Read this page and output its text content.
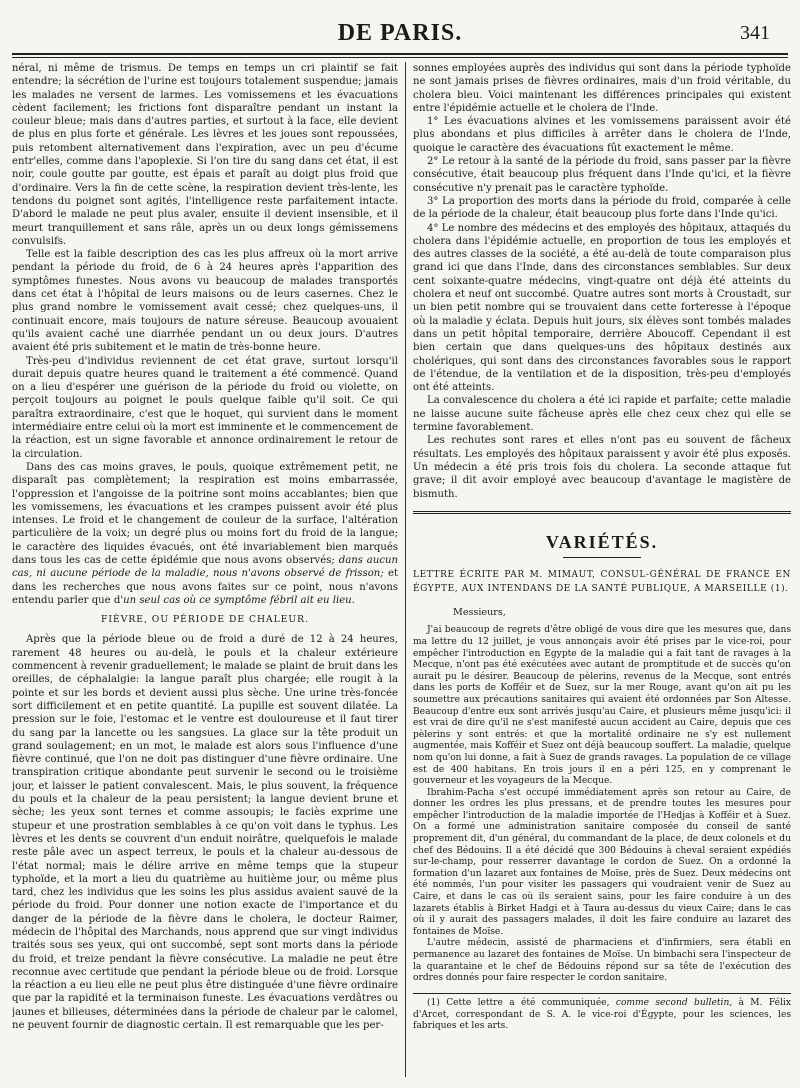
DE PARIS.	341

néral, ni même de trismus. De temps en temps un cri plaintif se fait entendre; la sécrétion de l'urine est toujours totalement suspendue; jamais les malades ne versent de larmes. Les vomissemens et les évacuations cèdent facilement; les frictions font disparaître pendant un instant la couleur bleue; mais dans d'autres parties, et surtout à la face, elle devient de plus en plus forte et générale. Les lèvres et les joues sont repoussées, puis retombent alternativement dans l'expiration, avec un peu d'écume entr'elles, comme dans l'apoplexie. Si l'on tire du sang dans cet état, il est noir, coule goutte par goutte, est épais et paraît au doigt plus froid que d'ordinaire. Vers la fin de cette scène, la respiration devient très-lente, les tendons du poignet sont agités, l'intelligence reste parfaitement intacte. D'abord le malade ne peut plus avaler, ensuite il devient insensible, et il meurt tranquillement et sans râle, après un ou deux longs gémissemens convulsifs.

Telle est la faible description des cas les plus affreux où la mort arrive pendant la période du froid, de 6 à 24 heures après l'apparition des symptômes funestes. Nous avons vu beaucoup de malades transportés dans cet état à l'hôpital de leurs maisons ou de leurs casernes. Chez le plus grand nombre le vomissement avait cessé; chez quelques-uns, il continuait encore, mais toujours de nature séreuse. Beaucoup avouaient qu'ils avaient caché une diarrhée pendant un ou deux jours. D'autres avaient été pris subitement et le matin de très-bonne heure.

Très-peu d'individus reviennent de cet état grave, surtout lorsqu'il durait depuis quatre heures quand le traitement a été commencé. Quand on a lieu d'espérer une guérison de la période du froid ou violette, on perçoit toujours au poignet le pouls quelque faible qu'il soit. Ce qui paraîtra extraordinaire, c'est que le hoquet, qui survient dans le moment intermédiaire entre celui où la mort est imminente et le commencement de la réaction, est un signe favorable et annonce ordinairement le retour de la circulation.

Dans des cas moins graves, le pouls, quoique extrêmement petit, ne disparaît pas complètement; la respiration est moins embarrassée, l'oppression et l'angoisse de la poitrine sont moins accablantes; bien que les vomissemens, les évacuations et les crampes puissent avoir été plus intenses. Le froid et le changement de couleur de la surface, l'altération particulière de la voix; un degré plus ou moins fort du froid de la langue; le caractère des liquides évacués, ont été invariablement bien marqués dans tous les cas de cette épidémie que nous avons observés; dans aucun cas, ni aucune période de la maladie, nous n'avons observé de frisson; et dans les recherches que nous avons faites sur ce point, nous n'avons entendu parler que d'un seul cas où ce symptôme fébril ait eu lieu.

FIÈVRE, OU PÉRIODE DE CHALEUR.

Après que la période bleue ou de froid a duré de 12 à 24 heures, rarement 48 heures ou au-delà, le pouls et la chaleur extérieure commencent à revenir graduellement; le malade se plaint de bruit dans les oreilles, de céphalalgie: la langue paraît plus chargée; elle rougit à la pointe et sur les bords et devient aussi plus sèche. Une urine très-foncée sort difficilement et en petite quantité. La pupille est souvent dilatée. La pression sur le foie, l'estomac et le ventre est douloureuse et il faut tirer du sang par la lancette ou les sangsues. La glace sur la tête produit un grand soulagement; en un mot, le malade est alors sous l'influence d'une fièvre continué, que l'on ne doit pas distinguer d'une fièvre ordinaire. Une transpiration critique abondante peut survenir le second ou le troisième jour, et laisser le patient convalescent. Mais, le plus souvent, la fréquence du pouls et la chaleur de la peau persistent; la langue devient brune et sèche; les yeux sont ternes et comme assoupis; le faciès exprime une stupeur et une prostration semblables à ce qu'on voit dans le typhus. Les lèvres et les dents se couvrent d'un enduit noirâtre, quelquefois le malade reste pâle avec un aspect terreux, le pouls et la chaleur au-dessous de l'état normal; mais le délire arrive en même temps que la stupeur typhoïde, et la mort a lieu du quatrième au huitième jour, ou même plus tard, chez les individus que les soins les plus assidus avaient sauvé de la période du froid. Pour donner une notion exacte de l'importance et du danger de la période de la fièvre dans le cholera, le docteur Raimer, médecin de l'hôpital des Marchands, nous apprend que sur vingt individus traités sous ses yeux, qui ont succombé, sept sont morts dans la période du froid, et treize pendant la fièvre consécutive. La maladie ne peut être reconnue avec certitude que pendant la période bleue ou de froid. Lorsque la réaction a eu lieu elle ne peut plus être distinguée d'une fièvre ordinaire que par la rapidité et la terminaison funeste. Les évacuations verdâtres ou jaunes et bilieuses, déterminées dans la période de chaleur par le calomel, ne peuvent fournir de diagnostic certain. Il est remarquable que les per-

sonnes employées auprès des individus qui sont dans la période typhoïde ne sont jamais prises de fièvres ordinaires, mais d'un froid véritable, du cholera bleu. Voici maintenant les différences principales qui existent entre l'épidémie actuelle et le cholera de l'Inde.

1° Les évacuations alvines et les vomissemens paraissent avoir été plus abondans et plus difficiles à arrêter dans le cholera de l'Inde, quoique le caractère des évacuations fût exactement le même.

2° Le retour à la santé de la période du froid, sans passer par la fièvre consécutive, était beaucoup plus fréquent dans l'Inde qu'ici, et la fièvre consécutive n'y prenait pas le caractère typhoïde.

3° La proportion des morts dans la période du froid, comparée à celle de la période de la chaleur, était beaucoup plus forte dans l'Inde qu'ici.

4° Le nombre des médecins et des employés des hôpitaux, attaqués du cholera dans l'épidémie actuelle, en proportion de tous les employés et des autres classes de la société, a été au-delà de toute comparaison plus grand ici que dans l'Inde, dans des circonstances semblables. Sur deux cent soixante-quatre médecins, vingt-quatre ont déjà été atteints du cholera et neuf ont succombé. Quatre autres sont morts à Croustadt, sur un bien petit nombre qui se trouvaient dans cette forteresse à l'époque où la maladie y éclata. Depuis huit jours, six élèves sont tombés malades dans un petit hôpital temporaire, derrière Aboucoff. Cependant il est bien certain que dans quelques-uns des hôpitaux destinés aux cholériques, qui sont dans des circonstances favorables sous le rapport de l'étendue, de la ventilation et de la disposition, très-peu d'employés ont été atteints.

La convalescence du cholera a été ici rapide et parfaite; cette maladie ne laisse aucune suite fâcheuse après elle chez ceux chez qui elle se termine favorablement.

Les rechutes sont rares et elles n'ont pas eu souvent de fâcheux résultats. Les employés des hôpitaux paraissent y avoir été plus exposés. Un médecin a été pris trois fois du cholera. La seconde attaque fut grave; il dit avoir employé avec beaucoup d'avantage le magistère de bismuth.

VARIÉTÉS.

LETTRE ÉCRITE PAR M. MIMAUT, CONSUL-GÉNÉRAL DE FRANCE EN ÉGYPTE, AUX INTENDANS DE LA SANTÉ PUBLIQUE, A MARSEILLE (1).

Messieurs,

J'ai beaucoup de regrets d'être obligé de vous dire que les mesures que, dans ma lettre du 12 juillet, je vous annonçais avoir été prises par le vice-roi, pour empêcher l'introduction en Egypte de la maladie qui a fait tant de ravages à la Mecque, n'ont pas été exécutées avec autant de promptitude et de succès qu'on aurait pu le désirer. Beaucoup de pèlerins, revenus de la Mecque, sont entrés dans les ports de Kofféir et de Suez, sur la mer Rouge, avant qu'on ait pu les soumettre aux précautions sanitaires qui avaient été ordonnées par Son Altesse. Beaucoup d'entre eux sont arrivés jusqu'au Caire, et plusieurs même jusqu'ici: il est vrai de dire qu'il ne s'est manifesté aucun accident au Caire, depuis que ces pèlerins y sont entrés: et que la mortalité ordinaire ne s'y est nullement augmentée, mais Kofféir et Suez ont déjà beaucoup souffert. La maladie, quelque nom qu'on lui donne, a fait à Suez de grands ravages. La population de ce village est de 400 habitans. En trois jours il en a péri 125, en y comprenant le gouverneur et les voyageurs de la Mecque.

Ibrahim-Pacha s'est occupé immédiatement après son retour au Caire, de donner les ordres les plus pressans, et de prendre toutes les mesures pour empêcher l'introduction de la maladie importée de l'Hedjas à Kofféir et à Suez. On a formé une administration sanitaire composée du conseil de santé proprement dit, d'un général, du commandant de la place, de deux colonels et du chef des Bédouins. Il a été décidé que 300 Bédouins à cheval seraient expédiés sur-le-champ, pour resserrer davantage le cordon de Suez. On a ordonné la formation d'un lazaret aux fontaines de Moïse, près de Suez. Deux médecins ont été nommés, l'un pour visiter les passagers qui voudraient venir de Suez au Caire, et dans le cas où ils seraient sains, pour les faire conduire à un des lazarets établis à Birket Hadgi et à Taura au-dessus du vieux Caire; dans le cas où il y aurait des passagers malades, il doit les faire conduire au lazaret des fontaines de Moïse.

L'autre médecin, assisté de pharmaciens et d'infirmiers, sera établi en permanence au lazaret des fontaines de Moïse. Un bimbachi sera l'inspecteur de la quarantaine et le chef de Bédouins répond sur sa tête de l'exécution des ordres donnés pour faire respecter le cordon sanitaire.

(1) Cette lettre a été communiquée, comme second bulletin, à M. Félix d'Arcet, correspondant de S. A. le vice-roi d'Égypte, pour les sciences, les fabriques et les arts.
